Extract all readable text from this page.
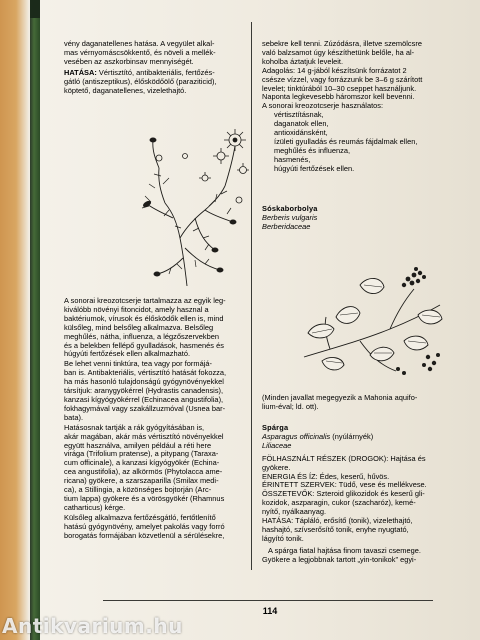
vény daganatellenes hatása. A vegyület alkal-

mas vérnyomáscsökkentő, és növeli a mellék-

vesében az aszkorbinsav mennyiségét.

HATÁSA: Vértisztító, antibakteriális, fertőzés-

gátló (antiszeptikus), élősködőölő (paraziticid),

köptető, daganatellenes, vizelethajtó.

A sonorai kreozotcserje tartalmazza az egyik leg-

kiválóbb növényi fitoncidot, amely hasznal a

baktériumok, vírusok és élősködők ellen is, mind

külsőleg, mind belsőleg alkalmazva. Belsőleg

meghűlés, nátha, influenza, a légzőszervekben

és a belekben fellépő gyulladások, hasmenés és

húgyúti fertőzések ellen alkalmazható.

Be lehet venni tinktúra, tea vagy por formájá-

ban is. Antibakteriális, vértisztító hatását fokozza,

ha más hasonló tulajdonságú gyógynövényekkel

társítjuk: aranygyökérrel (Hydrastis canadensis),

kanzasi kígyógyökérrel (Echinacea angustifolia),

fokhagymával vagy szakállzuzmóval (Usnea bar-

bata).

Hatásosnak tartják a rák gyógyításában is,

akár magában, akár más vértisztító növényekkel

együtt használva, amilyen például a réti here

virága (Trifolium pratense), a pitypang (Taraxa-

cum officinale), a kanzasi kígyógyökér (Echina-

cea angustifolia), az alkörmös (Phytolacca ame-

ricana) gyökere, a szarszaparilla (Smilax medi-

ca), a Stillingia, a közönséges bojtorján (Arc-

tium lappa) gyökere és a vörösgyökér (Rhamnus

catharticus) kérge.

Külsőleg alkalmazva fertőzésgátló, fertőtlenítő

hatású gyógynövény, amelyet pakolás vagy forró

borogatás formájában közvetlenül a sérülésekre,

sebekre kell tenni. Zúzódásra, illetve szemölcsre

való balzsamot úgy készíthetünk belőle, ha al-

koholba áztatjuk leveleit.

Adagolás: 14 g-jából készítsünk forrázatot 2

csésze vízzel, vagy forrázzunk be 3–6 g szárított

levelet; tinktúrából 10–30 cseppet használjunk.

Naponta legkevesebb háromszor kell bevenni.

A sonorai kreozotcserje használatos:

vértisztításnak,

daganatok ellen,

antioxidánsként,

ízületi gyulladás és reumás fájdalmak ellen,

meghűlés és influenza,

hasmenés,

húgyúti fertőzések ellen.

Sóskaborbolya

Berberis vulgaris

Berberidaceae

(Minden javallat megegyezik a Mahonia aquifo-

lium-éval; ld. ott).

Spárga

Asparagus officinalis (nyúlárnyék)

Liliaceae

FÖLHASZNÁLT RÉSZEK (DROGOK): Hajtása és

gyökere.

ENERGIA ÉS ÍZ: Édes, keserű, hűvös.

ÉRINTETT SZERVEK: Tüdő, vese és mellékvese.

ÖSSZETEVŐK: Szteroid glikozidok és keserű gli-

kozidok, aszparagin, cukor (szacharóz), kemé-

nyítő, nyálkaanyag.

HATÁSA: Tápláló, erősítő (tonik), vizelethajtó,

hashajtó, szívserősítő tonik, enyhe nyugtató,

lágyító tonik.

A spárga fiatal hajtása finom tavaszi csemege.

Gyökere a legjobbnak tartott „yin-tonikok” egyi-

114
Antikvarium.hu
